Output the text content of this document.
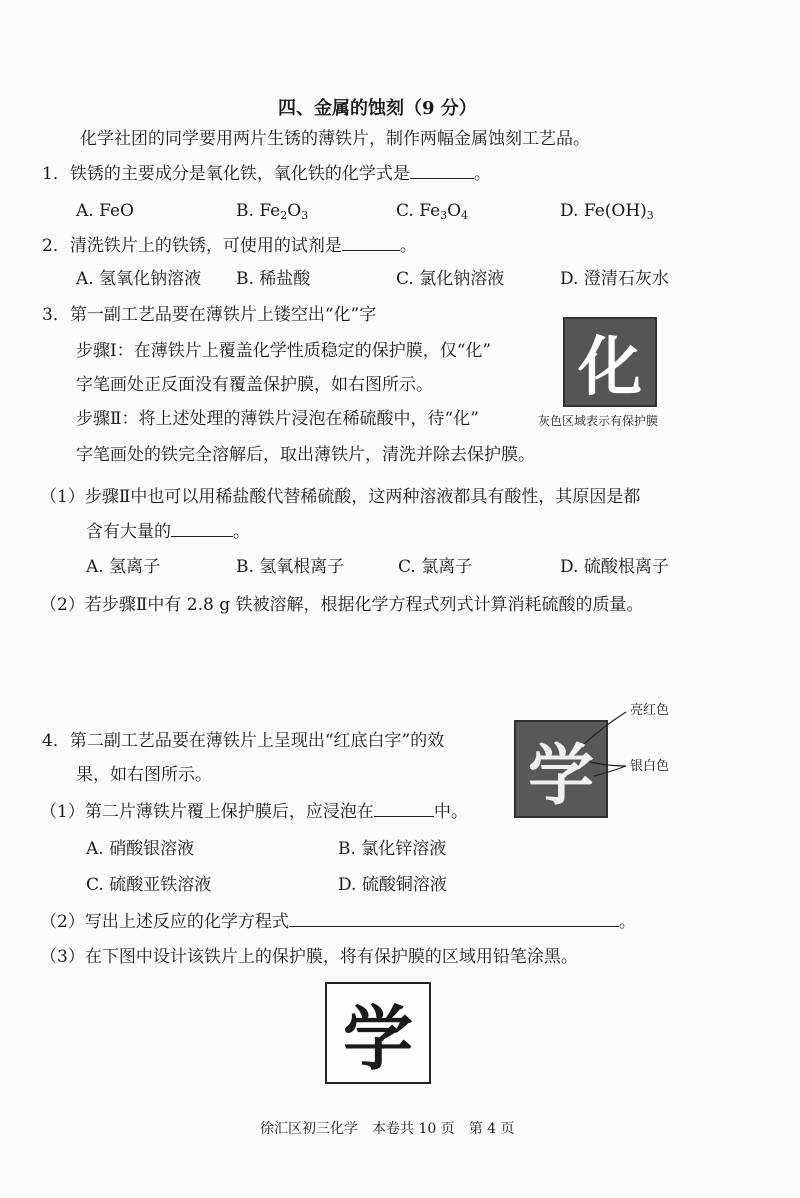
四、金属的蚀刻（9 分）
化学社团的同学要用两片生锈的薄铁片，制作两幅金属蚀刻工艺品。
1．铁锈的主要成分是氧化铁，氧化铁的化学式是	。
A. FeO	B. $Fe_2O_3$	C. $Fe_3O_4$	D. $Fe(OH)_3$
2．清洗铁片上的铁锈，可使用的试剂是	。
A. 氢氧化钠溶液 B. 稀盐酸	C. 氯化钠溶液	D. 澄清石灰水
3．第一副工艺品要在薄铁片上镂空出“化”字
步骤Ⅰ：在薄铁片上覆盖化学性质稳定的保护膜，仅“化”
字笔画处正反面没有覆盖保护膜，如右图所示。
步骤Ⅱ：将上述处理的薄铁片浸泡在稀硫酸中，待“化”
字笔画处的铁完全溶解后，取出薄铁片，清洗并除去保护膜。
化
灰色区域表示有保护膜
（1）步骤Ⅱ中也可以用稀盐酸代替稀硫酸，这两种溶液都具有酸性，其原因是都
含有大量的	。
A. 氢离子	B. 氢氧根离子	C. 氯离子	D. 硫酸根离子
（2）若步骤Ⅱ中有 2.8 g 铁被溶解，根据化学方程式列式计算消耗硫酸的质量。
4．第二副工艺品要在薄铁片上呈现出“红底白字”的效
果，如右图所示。	学
亮红色
银白色
（1）第二片薄铁片覆上保护膜后，应浸泡在	中。
A. 硝酸银溶液	B. 氯化锌溶液
C. 硫酸亚铁溶液	D. 硫酸铜溶液
（2）写出上述反应的化学方程式	。
（3）在下图中设计该铁片上的保护膜，将有保护膜的区域用铅笔涂黑。
学
徐汇区初三化学　本卷共 10 页　第 4 页
